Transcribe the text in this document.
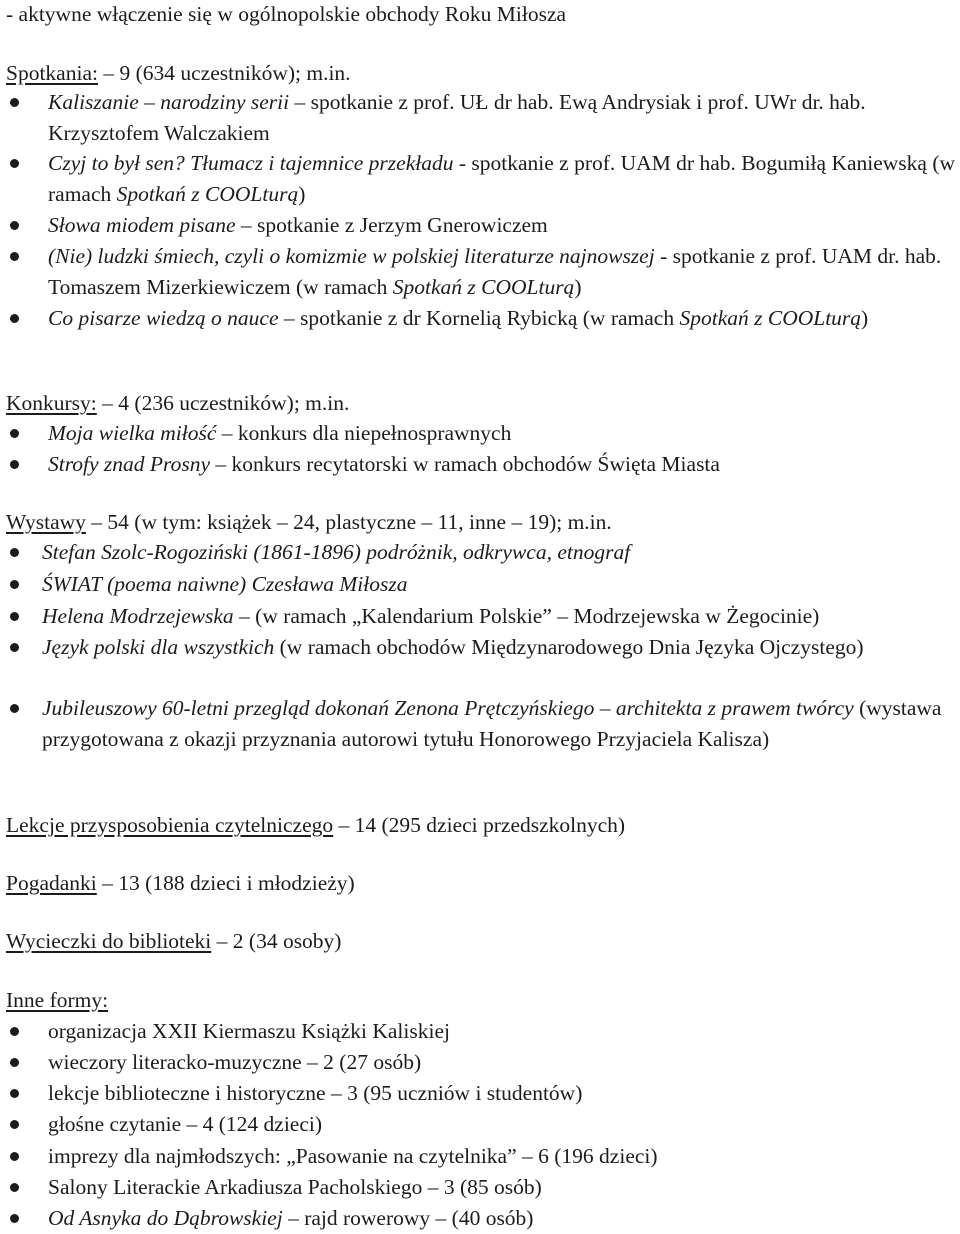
- aktywne włączenie się w ogólnopolskie obchody Roku Miłosza
Spotkania: – 9 (634 uczestników); m.in.
Kaliszanie – narodziny serii – spotkanie z prof. UŁ dr hab. Ewą Andrysiak i prof. UWr dr. hab. Krzysztofem Walczakiem
Czyj to był sen? Tłumacz i tajemnice przekładu - spotkanie z prof. UAM dr hab. Bogumiłą Kaniewską (w ramach Spotkań z COOLturą)
Słowa miodem pisane – spotkanie z Jerzym Gnerowiczem
(Nie) ludzki śmiech, czyli o komizmie w polskiej literaturze najnowszej - spotkanie z prof. UAM dr. hab. Tomaszem Mizerkiewiczem (w ramach Spotkań z COOLturą)
Co pisarze wiedzą o nauce – spotkanie z dr Kornelią Rybicką (w ramach Spotkań z COOLturą)
Konkursy: – 4 (236 uczestników); m.in.
Moja wielka miłość – konkurs dla niepełnosprawnych
Strofy znad Prosny – konkurs recytatorski w ramach obchodów Święta Miasta
Wystawy – 54 (w tym: książek – 24, plastyczne – 11, inne – 19); m.in.
Stefan Szolc-Rogoziński (1861-1896) podróżnik, odkrywca, etnograf
ŚWIAT (poema naiwne) Czesława Miłosza
Helena Modrzejewska – (w ramach „Kalendarium Polskie” – Modrzejewska w Żegocinie)
Język polski dla wszystkich (w ramach obchodów Międzynarodowego Dnia Języka Ojczystego)
Jubileuszowy 60-letni przegląd dokonań Zenona Prętczyńskiego – architekta z prawem twórcy (wystawa przygotowana z okazji przyznania autorowi tytułu Honorowego Przyjaciela Kalisza)
Lekcje przysposobienia czytelniczego – 14 (295 dzieci przedszkolnych)
Pogadanki – 13 (188 dzieci i młodzieży)
Wycieczki do biblioteki – 2 (34 osoby)
Inne formy:
organizacja XXII Kiermaszu Książki Kaliskiej
wieczory literacko-muzyczne – 2 (27 osób)
lekcje biblioteczne i historyczne – 3 (95 uczniów i studentów)
głośne czytanie – 4 (124 dzieci)
imprezy dla najmłodszych: „Pasowanie na czytelnika” – 6 (196 dzieci)
Salony Literackie Arkadiusza Pacholskiego – 3 (85 osób)
Od Asnyka do Dąbrowskiej – rajd rowerowy – (40 osób)
